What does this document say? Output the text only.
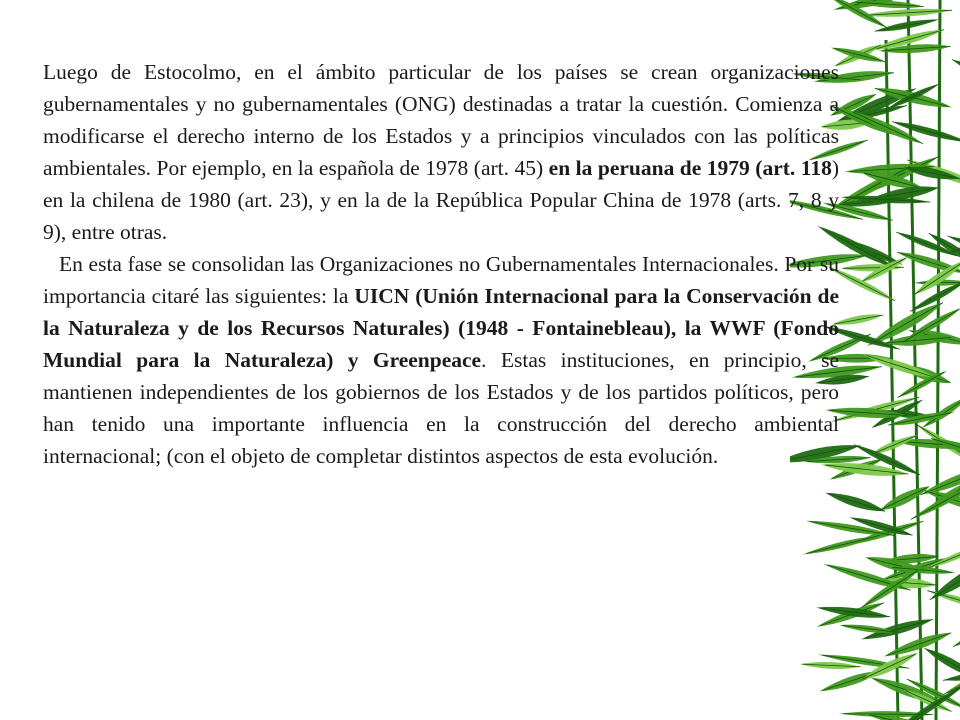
Luego de Estocolmo, en el ámbito particular de los países se crean organizaciones gubernamentales y no gubernamentales (ONG) destinadas a tratar la cuestión. Comienza a modificarse el derecho interno de los Estados y a principios vinculados con las políticas ambientales. Por ejemplo, en la española de 1978 (art. 45) en la peruana de 1979 (art. 118) en la chilena de 1980 (art. 23), y en la de la República Popular China de 1978 (arts. 7, 8 y 9), entre otras.

En esta fase se consolidan las Organizaciones no Gubernamentales Internacionales. Por su importancia citaré las siguientes: la UICN (Unión Internacional para la Conservación de la Naturaleza y de los Recursos Naturales) (1948 - Fontainebleau), la WWF (Fondo Mundial para la Naturaleza) y Greenpeace. Estas instituciones, en principio, se mantienen independientes de los gobiernos de los Estados y de los partidos políticos, pero han tenido una importante influencia en la construcción del derecho ambiental internacional; (con el objeto de completar distintos aspectos de esta evolución.
